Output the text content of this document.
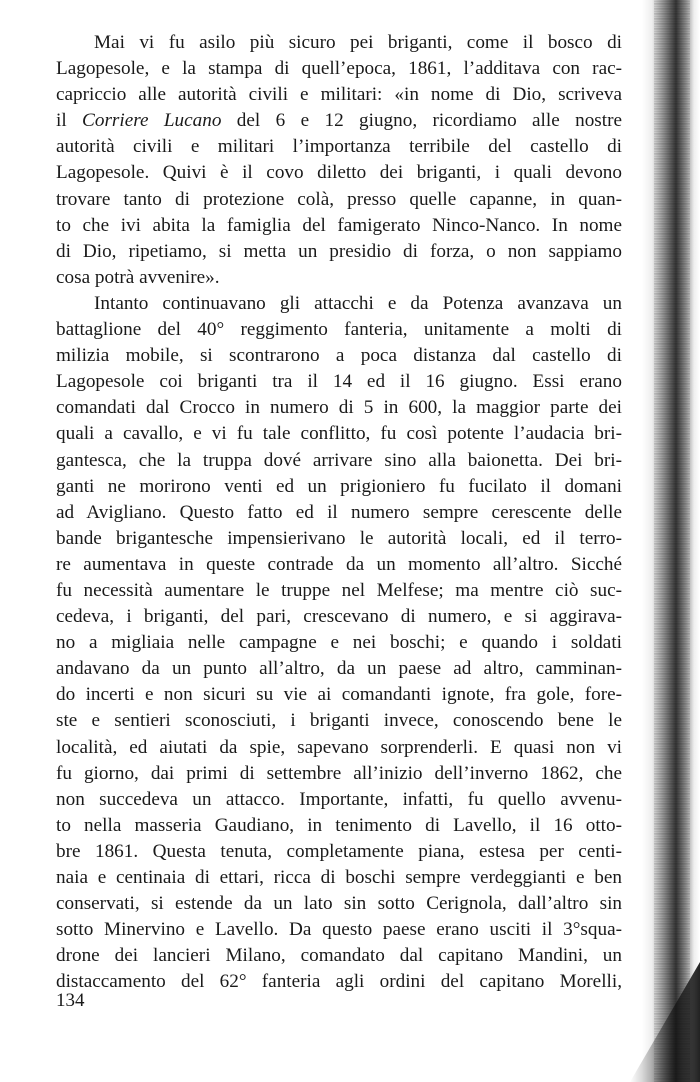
Mai vi fu asilo più sicuro pei briganti, come il bosco di
Lagopesole, e la stampa di quell’epoca, 1861, l’additava con rac-
capriccio alle autorità civili e militari: «in nome di Dio, scriveva
il Corriere Lucano del 6 e 12 giugno, ricordiamo alle nostre
autorità civili e militari l’importanza terribile del castello di
Lagopesole. Quivi è il covo diletto dei briganti, i quali devono
trovare tanto di protezione colà, presso quelle capanne, in quan-
to che ivi abita la famiglia del famigerato Ninco-Nanco. In nome
di Dio, ripetiamo, si metta un presidio di forza, o non sappiamo
cosa potrà avvenire».
Intanto continuavano gli attacchi e da Potenza avanzava un
battaglione del 40° reggimento fanteria, unitamente a molti di
milizia mobile, si scontrarono a poca distanza dal castello di
Lagopesole coi briganti tra il 14 ed il 16 giugno. Essi erano
comandati dal Crocco in numero di 5 in 600, la maggior parte dei
quali a cavallo, e vi fu tale conflitto, fu così potente l’audacia bri-
gantesca, che la truppa dové arrivare sino alla baionetta. Dei bri-
ganti ne morirono venti ed un prigioniero fu fucilato il domani
ad Avigliano. Questo fatto ed il numero sempre cerescente delle
bande brigantesche impensierivano le autorità locali, ed il terro-
re aumentava in queste contrade da un momento all’altro. Sicché
fu necessità aumentare le truppe nel Melfese; ma mentre ciò suc-
cedeva, i briganti, del pari, crescevano di numero, e si aggirava-
no a migliaia nelle campagne e nei boschi; e quando i soldati
andavano da un punto all’altro, da un paese ad altro, camminan-
do incerti e non sicuri su vie ai comandanti ignote, fra gole, fore-
ste e sentieri sconosciuti, i briganti invece, conoscendo bene le
località, ed aiutati da spie, sapevano sorprenderli. E quasi non vi
fu giorno, dai primi di settembre all’inizio dell’inverno 1862, che
non succedeva un attacco. Importante, infatti, fu quello avvenu-
to nella masseria Gaudiano, in tenimento di Lavello, il 16 otto-
bre 1861. Questa tenuta, completamente piana, estesa per centi-
naia e centinaia di ettari, ricca di boschi sempre verdeggianti e ben
conservati, si estende da un lato sin sotto Cerignola, dall’altro sin
sotto Minervino e Lavello. Da questo paese erano usciti il 3°squa-
drone dei lancieri Milano, comandato dal capitano Mandini, un
distaccamento del 62° fanteria agli ordini del capitano Morelli,
134
